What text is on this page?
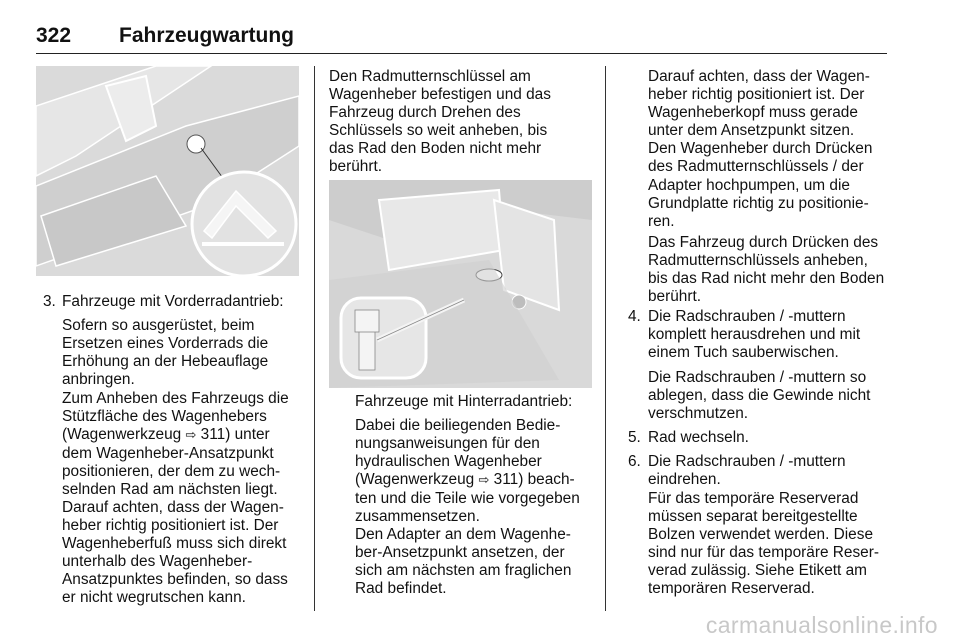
322 Fahrzeugwartung
3. Fahrzeuge mit Vorderradantrieb:
Sofern so ausgerüstet, beim
Ersetzen eines Vorderrads die
Erhöhung an der Hebeauflage
anbringen.
Zum Anheben des Fahrzeugs die
Stützfläche des Wagenhebers
(Wagenwerkzeug ⇨ 311) unter
dem Wagenheber-Ansatzpunkt
positionieren, der dem zu wech-
selnden Rad am nächsten liegt.
Darauf achten, dass der Wagen-
heber richtig positioniert ist. Der
Wagenheberfuß muss sich direkt
unterhalb des Wagenheber-
Ansatzpunktes befinden, so dass
er nicht wegrutschen kann.
Den Radmutternschlüssel am
Wagenheber befestigen und das
Fahrzeug durch Drehen des
Schlüssels so weit anheben, bis
das Rad den Boden nicht mehr
berührt.
Fahrzeuge mit Hinterradantrieb:
Dabei die beiliegenden Bedie-
nungsanweisungen für den
hydraulischen Wagenheber
(Wagenwerkzeug ⇨ 311) beach-
ten und die Teile wie vorgegeben
zusammensetzen.
Den Adapter an dem Wagenhe-
ber-Ansetzpunkt ansetzen, der
sich am nächsten am fraglichen
Rad befindet.
Darauf achten, dass der Wagen-
heber richtig positioniert ist. Der
Wagenheberkopf muss gerade
unter dem Ansetzpunkt sitzen.
Den Wagenheber durch Drücken
des Radmutternschlüssels / der
Adapter hochpumpen, um die
Grundplatte richtig zu positionie-
ren.
Das Fahrzeug durch Drücken des
Radmutternschlüssels anheben,
bis das Rad nicht mehr den Boden
berührt.
4. Die Radschrauben / -muttern
komplett herausdrehen und mit
einem Tuch sauberwischen.
Die Radschrauben / -muttern so
ablegen, dass die Gewinde nicht
verschmutzen.
5. Rad wechseln.
6. Die Radschrauben / -muttern
eindrehen.
Für das temporäre Reserverad
müssen separat bereitgestellte
Bolzen verwendet werden. Diese
sind nur für das temporäre Reser-
verad zulässig. Siehe Etikett am
temporären Reserverad.
carmanualsonline.info
